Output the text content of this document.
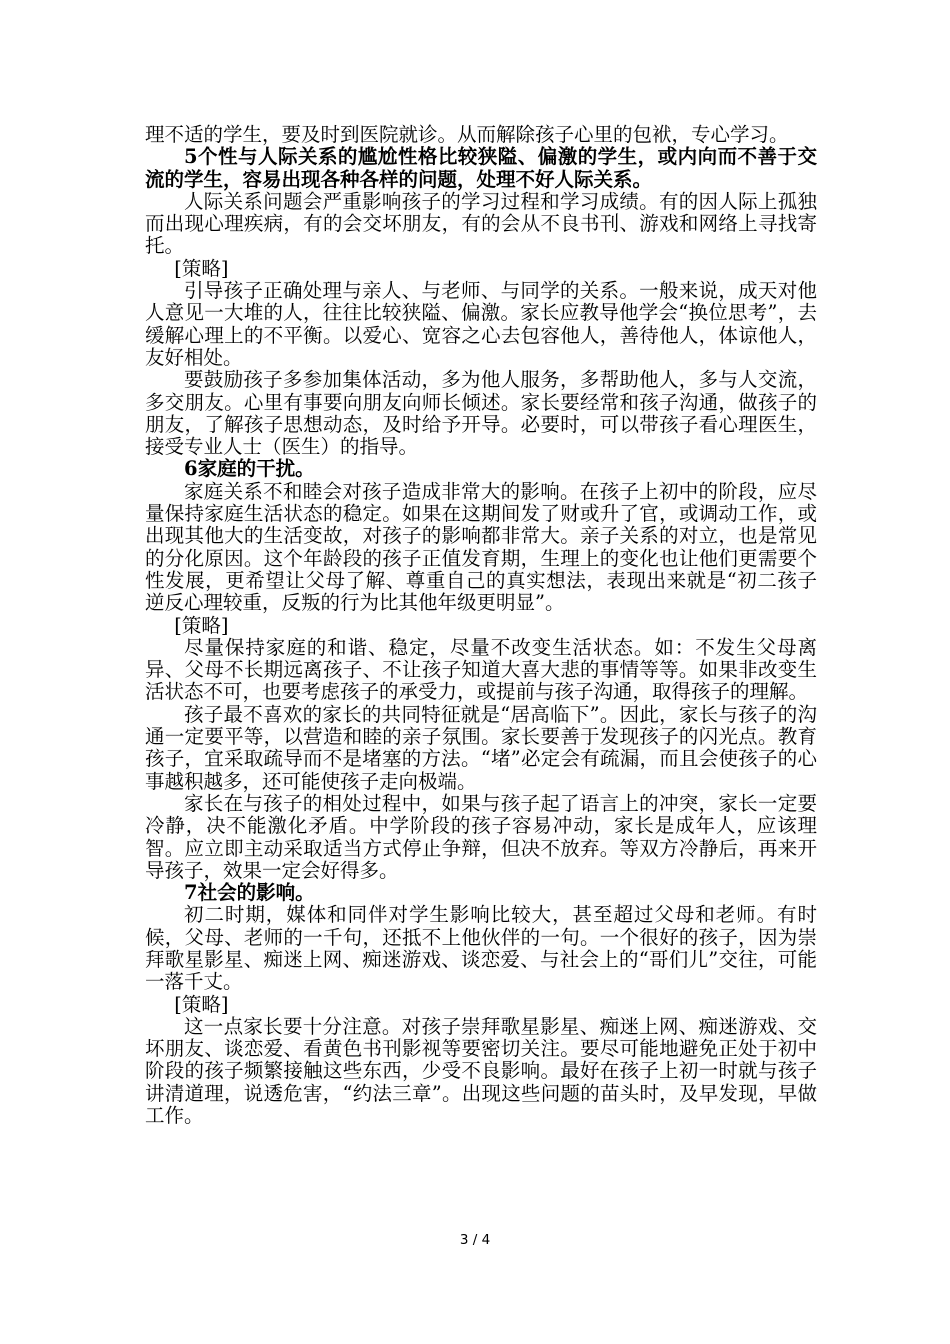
理不适的学生，要及时到医院就诊。从而解除孩子心里的包袱，专心学习。

5个性与人际关系的尴尬性格比较狭隘、偏激的学生，或内向而不善于交流的学生，容易出现各种各样的问题，处理不好人际关系。

人际关系问题会严重影响孩子的学习过程和学习成绩。有的因人际上孤独而出现心理疾病，有的会交坏朋友，有的会从不良书刊、游戏和网络上寻找寄托。

[策略]

引导孩子正确处理与亲人、与老师、与同学的关系。一般来说，成天对他人意见一大堆的人，往往比较狭隘、偏激。家长应教导他学会“换位思考”，去缓解心理上的不平衡。以爱心、宽容之心去包容他人，善待他人，体谅他人，友好相处。

要鼓励孩子多参加集体活动，多为他人服务，多帮助他人，多与人交流，多交朋友。心里有事要向朋友向师长倾述。家长要经常和孩子沟通，做孩子的朋友，了解孩子思想动态，及时给予开导。必要时，可以带孩子看心理医生，接受专业人士（医生）的指导。

6家庭的干扰。

家庭关系不和睦会对孩子造成非常大的影响。在孩子上初中的阶段，应尽量保持家庭生活状态的稳定。如果在这期间发了财或升了官，或调动工作，或出现其他大的生活变故，对孩子的影响都非常大。亲子关系的对立，也是常见的分化原因。这个年龄段的孩子正值发育期，生理上的变化也让他们更需要个性发展，更希望让父母了解、尊重自己的真实想法，表现出来就是“初二孩子逆反心理较重，反叛的行为比其他年级更明显”。

[策略]

尽量保持家庭的和谐、稳定，尽量不改变生活状态。如：不发生父母离异、父母不长期远离孩子、不让孩子知道大喜大悲的事情等等。如果非改变生活状态不可，也要考虑孩子的承受力，或提前与孩子沟通，取得孩子的理解。

孩子最不喜欢的家长的共同特征就是“居高临下”。因此，家长与孩子的沟通一定要平等，以营造和睦的亲子氛围。家长要善于发现孩子的闪光点。教育孩子，宜采取疏导而不是堵塞的方法。“堵”必定会有疏漏，而且会使孩子的心事越积越多，还可能使孩子走向极端。

家长在与孩子的相处过程中，如果与孩子起了语言上的冲突，家长一定要冷静，决不能激化矛盾。中学阶段的孩子容易冲动，家长是成年人，应该理智。应立即主动采取适当方式停止争辩，但决不放弃。等双方冷静后，再来开导孩子，效果一定会好得多。

7社会的影响。

初二时期，媒体和同伴对学生影响比较大，甚至超过父母和老师。有时候，父母、老师的一千句，还抵不上他伙伴的一句。一个很好的孩子，因为崇拜歌星影星、痴迷上网、痴迷游戏、谈恋爱、与社会上的“哥们儿”交往，可能一落千丈。

[策略]

这一点家长要十分注意。对孩子崇拜歌星影星、痴迷上网、痴迷游戏、交坏朋友、谈恋爱、看黄色书刊影视等要密切关注。要尽可能地避免正处于初中阶段的孩子频繁接触这些东西，少受不良影响。最好在孩子上初一时就与孩子讲清道理，说透危害，“约法三章”。出现这些问题的苗头时，及早发现，早做工作。

3 / 4
